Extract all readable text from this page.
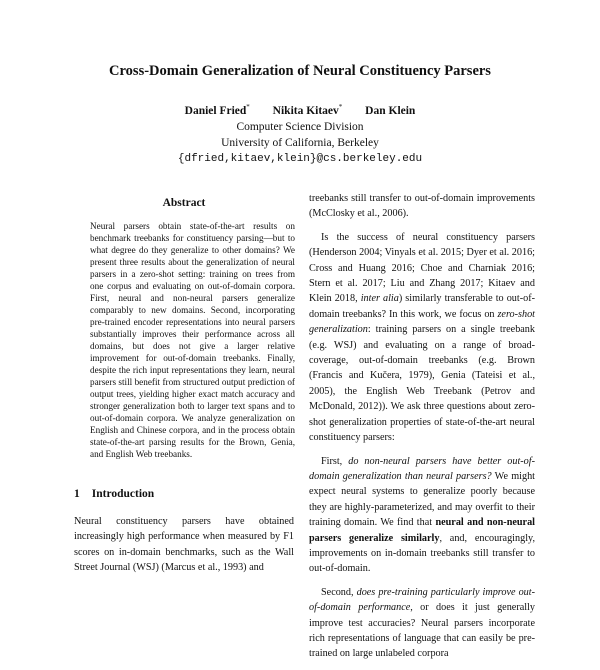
Cross-Domain Generalization of Neural Constituency Parsers
Daniel Fried* Nikita Kitaev* Dan Klein
Computer Science Division
University of California, Berkeley
{dfried,kitaev,klein}@cs.berkeley.edu
Abstract
Neural parsers obtain state-of-the-art results on benchmark treebanks for constituency parsing—but to what degree do they generalize to other domains? We present three results about the generalization of neural parsers in a zero-shot setting: training on trees from one corpus and evaluating on out-of-domain corpora. First, neural and non-neural parsers generalize comparably to new domains. Second, incorporating pre-trained encoder representations into neural parsers substantially improves their performance across all domains, but does not give a larger relative improvement for out-of-domain treebanks. Finally, despite the rich input representations they learn, neural parsers still benefit from structured output prediction of output trees, yielding higher exact match accuracy and stronger generalization both to larger text spans and to out-of-domain corpora. We analyze generalization on English and Chinese corpora, and in the process obtain state-of-the-art parsing results for the Brown, Genia, and English Web treebanks.
1 Introduction
Neural constituency parsers have obtained increasingly high performance when measured by F1 scores on in-domain benchmarks, such as the Wall Street Journal (WSJ) (Marcus et al., 1993) and

treebanks still transfer to out-of-domain improvements (McClosky et al., 2006).

Is the success of neural constituency parsers (Henderson 2004; Vinyals et al. 2015; Dyer et al. 2016; Cross and Huang 2016; Choe and Charniak 2016; Stern et al. 2017; Liu and Zhang 2017; Kitaev and Klein 2018, inter alia) similarly transferable to out-of-domain treebanks? In this work, we focus on zero-shot generalization: training parsers on a single treebank (e.g. WSJ) and evaluating on a range of broad-coverage, out-of-domain treebanks (e.g. Brown (Francis and Kučera, 1979), Genia (Tateisi et al., 2005), the English Web Treebank (Petrov and McDonald, 2012)). We ask three questions about zero-shot generalization properties of state-of-the-art neural constituency parsers:

First, do non-neural parsers have better out-of-domain generalization than neural parsers? We might expect neural systems to generalize poorly because they are highly-parameterized, and may overfit to their training domain. We find that neural and non-neural parsers generalize similarly, and, encouragingly, improvements on in-domain treebanks still transfer to out-of-domain.

Second, does pre-training particularly improve out-of-domain performance, or does it just generally improve test accuracies? Neural parsers incorporate rich representations of language that can easily be pre-trained on large unlabeled corpora
